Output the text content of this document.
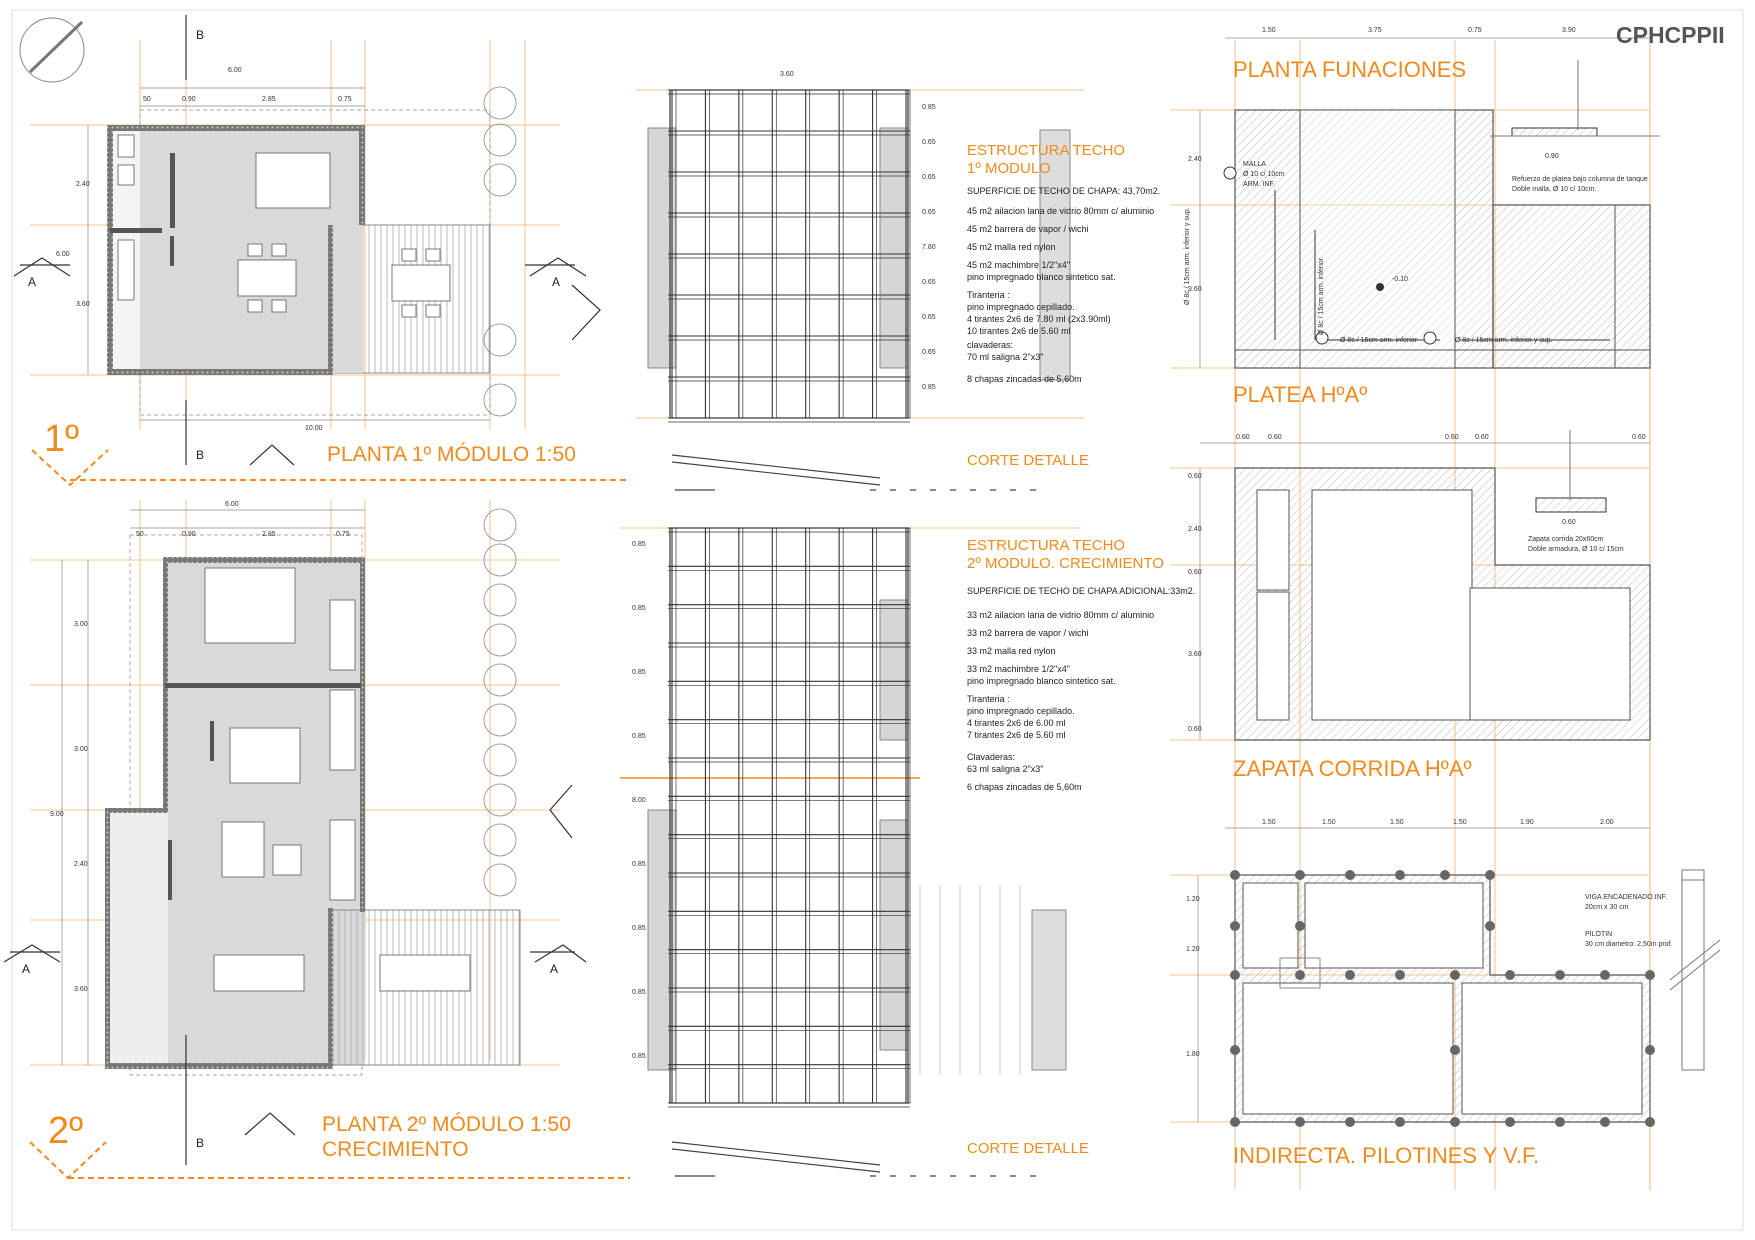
CPHCPPII
1º
2º
A	A
B
B
A	A
B
PLANTA 1º MÓDULO 1:50
PLANTA 2º MÓDULO 1:50
CRECIMIENTO
ESTRUCTURA TECHO
1º MODULO
SUPERFICIE DE TECHO DE CHAPA: 43,70m2.
45 m2 ailacion lana de vidrio 80mm c/ aluminio
45 m2 barrera de vapor / wichi
45 m2 malla red nylon
45 m2 machimbre 1/2"x4"
pino impregnado blanco sintetico sat.
Tiranteria :
pino impregnado cepillado.
4 tirantes 2x6 de 7.80 ml (2x3.90ml)
10 tirantes 2x6 de 5.60 ml
clavaderas:
70 ml saligna 2"x3"
8 chapas zincadas de 5,60m
CORTE DETALLE
ESTRUCTURA TECHO
2º MODULO. CRECIMIENTO
SUPERFICIE DE TECHO DE CHAPA ADICIONAL:33m2.
33 m2 ailacion lana de vidrio 80mm c/ aluminio
33 m2 barrera de vapor / wichi
33 m2 malla red nylon
33 m2 machimbre 1/2"x4"
pino impregnado blanco sintetico sat.
Tiranteria :
pino impregnado cepillado.
4 tirantes 2x6 de 6.00 ml
7 tirantes 2x6 de 5.60 ml
Clavaderas:
63 ml saligna 2"x3"
6 chapas zincadas de 5,60m
CORTE DETALLE
PLANTA FUNACIONES
PLATEA HºAº
ZAPATA CORRIDA HºAº
INDIRECTA. PILOTINES Y V.F.
MALLA
Ø 10 c/ 10cm
ARM. INF.
Refuerzo de platea bajo columna de tanque
Doble malla, Ø 10 c/ 10cm.
Ø 8c / 15cm arm. inferior	Ø 8c / 15cm arm. inferior y sup.
-0.10
0.90
Ø 8c / 15cm arm. inferior y sup.	Ø 8c / 15cm arm. inferior
Zapata corrida 20x60cm
Doble armadura, Ø 10 c/ 15cm
0.60
VIGA ENCADENADO INF.
20cm x 30 cm
PILOTIN
30 cm diametro: 2,50m prof.
6.00
50	0.90	2.85	0.75
10.00
2.40
6.00
3.60
6.00
50	0.90	2.85	0.75
3.00
3.00
9.00
2.40
3.60
3.60
0.85
0.65
0.65
0.65
7.80
0.65
0.65
0.65
0.85
0.85
0.85
0.85
0.85
8.00
0.85
0.85
0.85
0.85
1.50	3.75	0.75	3.90
2.40
3.60
0.60	0.60	0.60 0.60	0.60
0.60
2.40
0.60
3.60
0.60
1.50	1.50	1.50	1.50	1.90	2.00
1.20
1.20
1.80
